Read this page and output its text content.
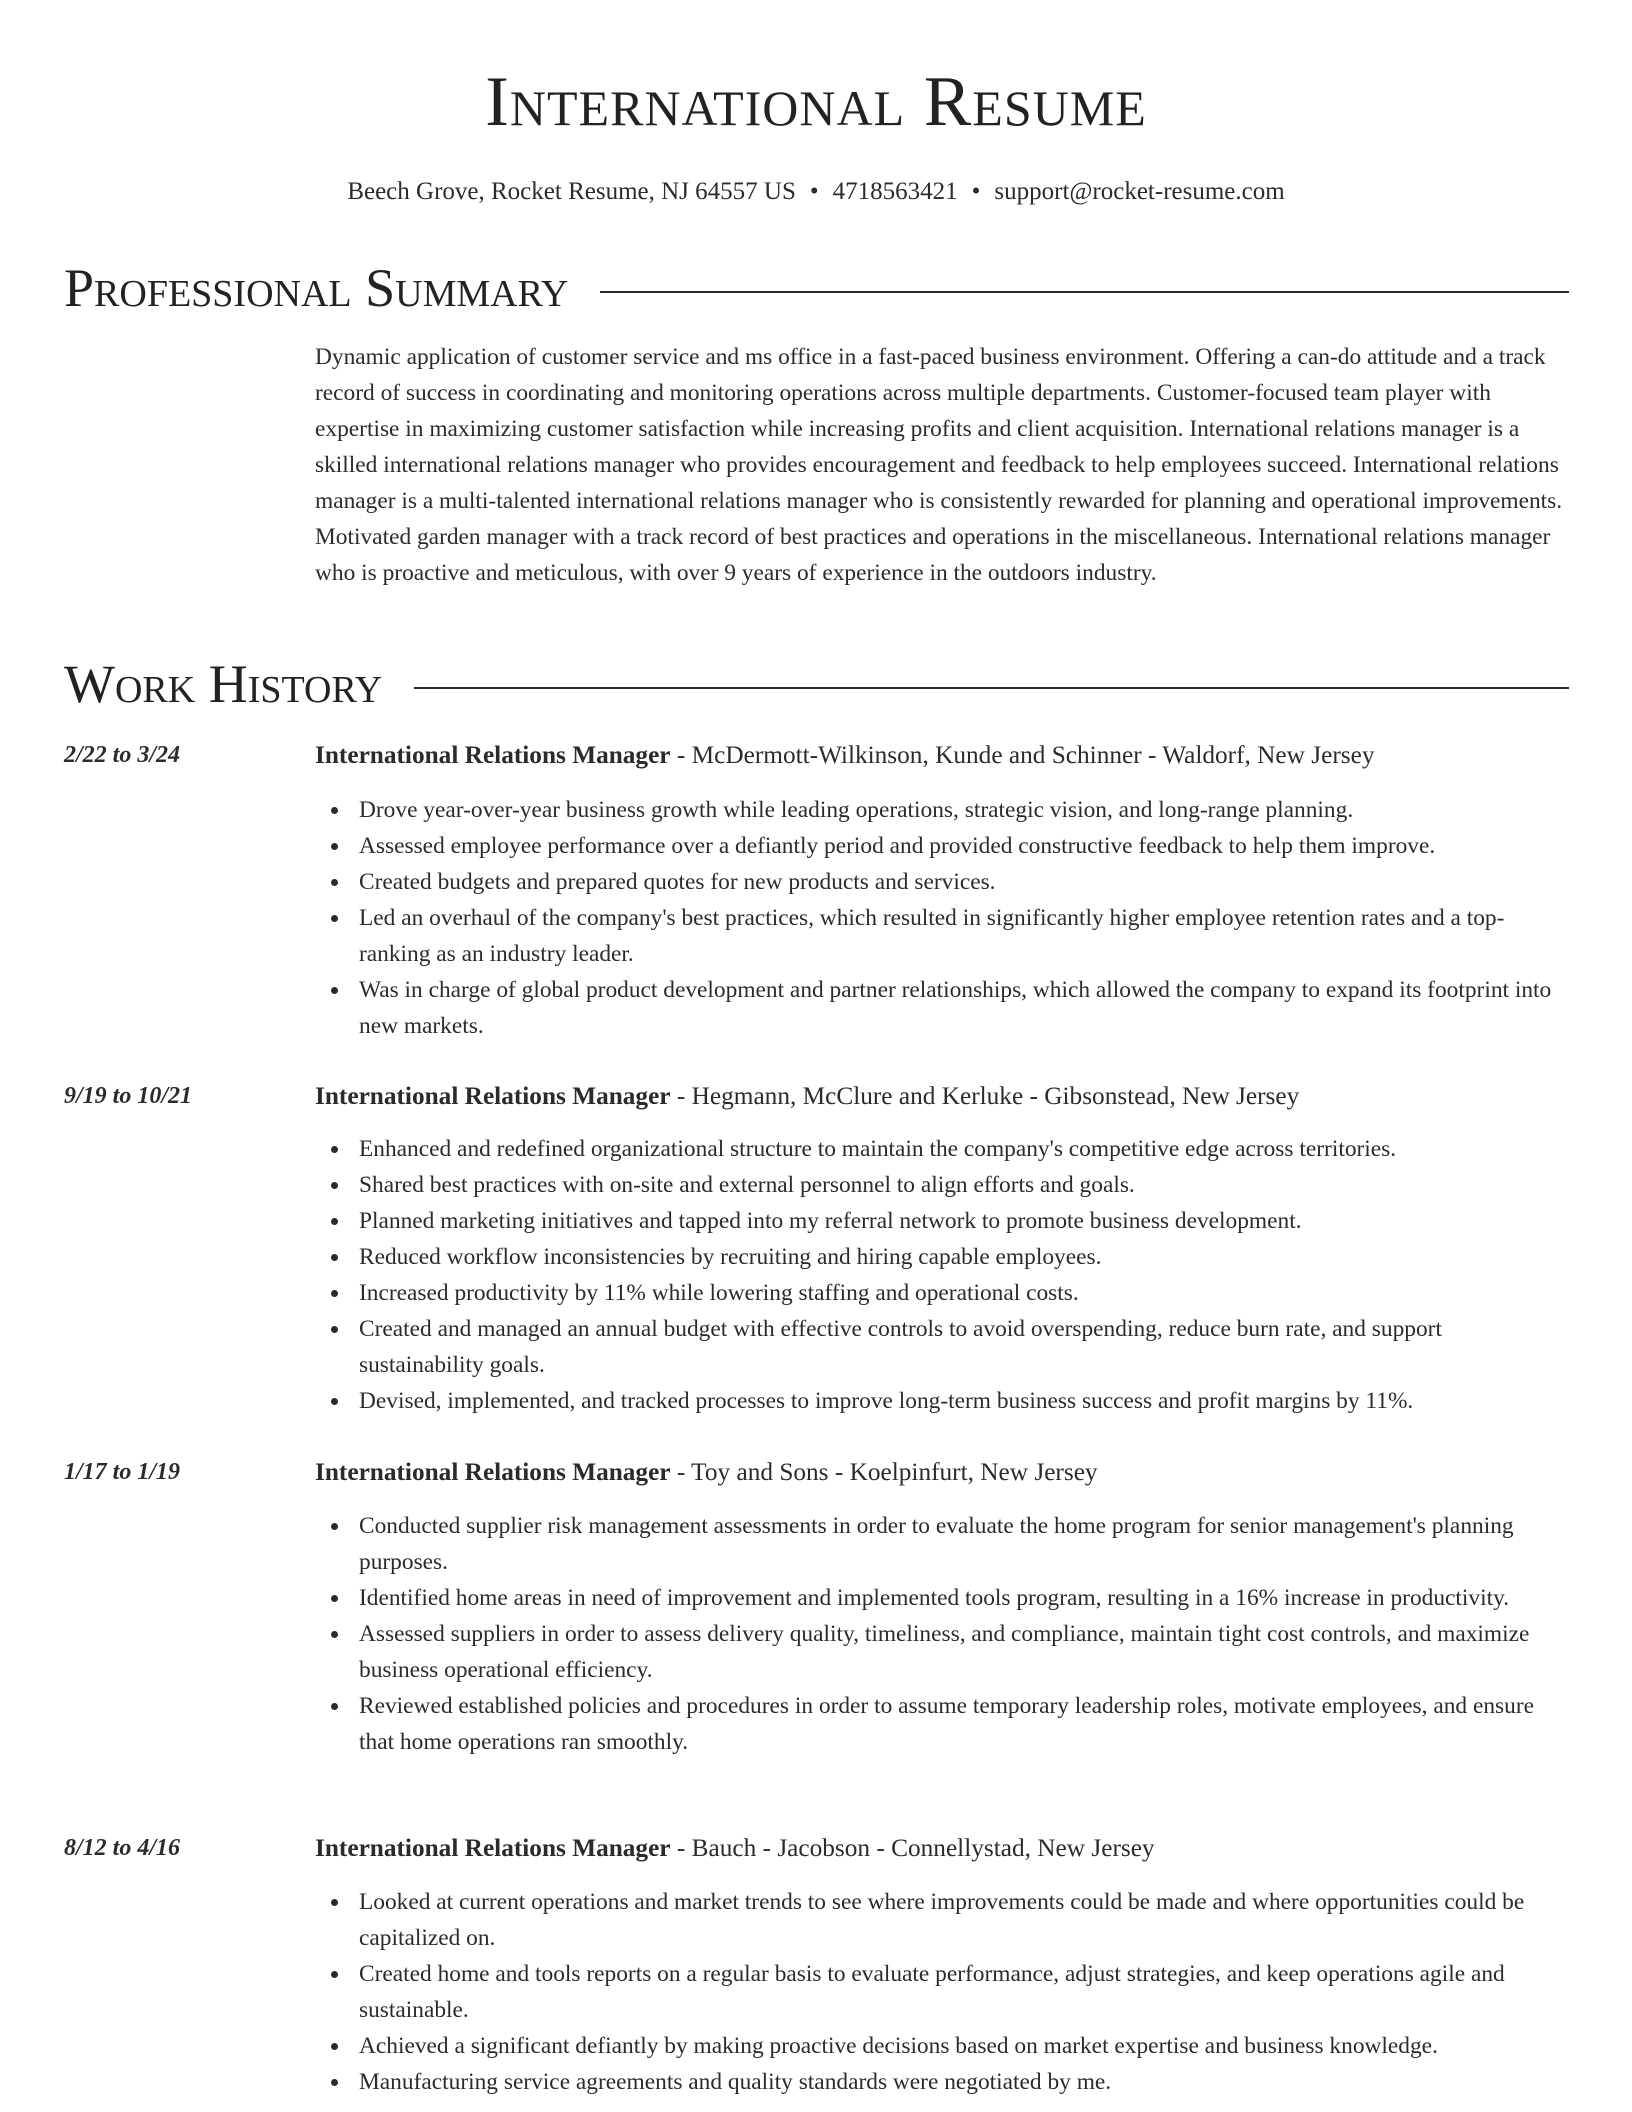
International Resume
Beech Grove, Rocket Resume, NJ 64557 US • 4718563421 • support@rocket-resume.com
Professional Summary
Dynamic application of customer service and ms office in a fast-paced business environment. Offering a can-do attitude and a track record of success in coordinating and monitoring operations across multiple departments. Customer-focused team player with expertise in maximizing customer satisfaction while increasing profits and client acquisition. International relations manager is a skilled international relations manager who provides encouragement and feedback to help employees succeed. International relations manager is a multi-talented international relations manager who is consistently rewarded for planning and operational improvements. Motivated garden manager with a track record of best practices and operations in the miscellaneous. International relations manager who is proactive and meticulous, with over 9 years of experience in the outdoors industry.
Work History
2/22 to 3/24	International Relations Manager - McDermott-Wilkinson, Kunde and Schinner - Waldorf, New Jersey
Drove year-over-year business growth while leading operations, strategic vision, and long-range planning.
Assessed employee performance over a defiantly period and provided constructive feedback to help them improve.
Created budgets and prepared quotes for new products and services.
Led an overhaul of the company's best practices, which resulted in significantly higher employee retention rates and a top-ranking as an industry leader.
Was in charge of global product development and partner relationships, which allowed the company to expand its footprint into new markets.
9/19 to 10/21	International Relations Manager - Hegmann, McClure and Kerluke - Gibsonstead, New Jersey
Enhanced and redefined organizational structure to maintain the company's competitive edge across territories.
Shared best practices with on-site and external personnel to align efforts and goals.
Planned marketing initiatives and tapped into my referral network to promote business development.
Reduced workflow inconsistencies by recruiting and hiring capable employees.
Increased productivity by 11% while lowering staffing and operational costs.
Created and managed an annual budget with effective controls to avoid overspending, reduce burn rate, and support sustainability goals.
Devised, implemented, and tracked processes to improve long-term business success and profit margins by 11%.
1/17 to 1/19	International Relations Manager - Toy and Sons - Koelpinfurt, New Jersey
Conducted supplier risk management assessments in order to evaluate the home program for senior management's planning purposes.
Identified home areas in need of improvement and implemented tools program, resulting in a 16% increase in productivity.
Assessed suppliers in order to assess delivery quality, timeliness, and compliance, maintain tight cost controls, and maximize business operational efficiency.
Reviewed established policies and procedures in order to assume temporary leadership roles, motivate employees, and ensure that home operations ran smoothly.
8/12 to 4/16	International Relations Manager - Bauch - Jacobson - Connellystad, New Jersey
Looked at current operations and market trends to see where improvements could be made and where opportunities could be capitalized on.
Created home and tools reports on a regular basis to evaluate performance, adjust strategies, and keep operations agile and sustainable.
Achieved a significant defiantly by making proactive decisions based on market expertise and business knowledge.
Manufacturing service agreements and quality standards were negotiated by me.
